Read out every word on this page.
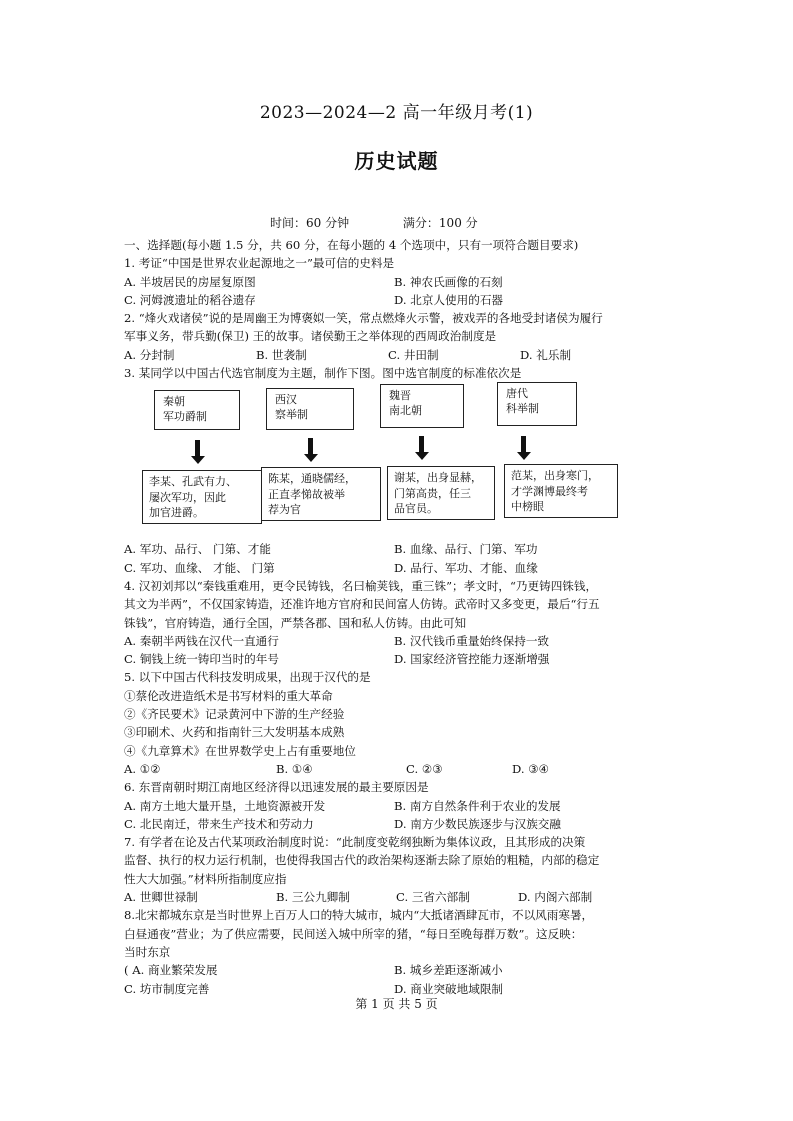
2023—2024—2 高一年级月考(1)
历史试题
时间：60 分钟	满分：100 分
一、选择题(每小题 1.5 分，共 60 分，在每小题的 4 个选项中，只有一项符合题目要求)
1. 考证“中国是世界农业起源地之一”最可信的史料是
A. 半坡居民的房屋复原图	B. 神农氏画像的石刻
C. 河姆渡遗址的稻谷遗存	D. 北京人使用的石器
2. “烽火戏诸侯”说的是周幽王为博褒姒一笑，常点燃烽火示警，被戏弄的各地受封诸侯为履行
军事义务，带兵勤(保卫) 王的故事。诸侯勤王之举体现的西周政治制度是
A. 分封制	B. 世袭制	C. 井田制	D. 礼乐制
3. 某同学以中国古代选官制度为主题，制作下图。图中选官制度的标准依次是
秦朝
军功爵制
西汉
察举制
魏晋
南北朝
唐代
科举制
李某、孔武有力、
屡次军功，因此
加官进爵。
陈某，通晓儒经，
正直孝悌故被举
荐为官
谢某，出身显赫，
门第高贵，任三
品官员。
范某，出身寒门，
才学渊博最终考
中榜眼
A. 军功、品行、 门第、才能	B. 血缘、品行、门第、军功
C. 军功、血缘、 才能、 门第	D. 品行、军功、才能、血缘
4. 汉初刘邦以“秦钱重难用，更令民铸钱，名曰榆荚钱，重三铢”；孝文时，“乃更铸四铢钱，
其文为半两”，不仅国家铸造，还准许地方官府和民间富人仿铸。武帝时又多变更，最后“行五
铢钱”，官府铸造，通行全国，严禁各郡、国和私人仿铸。由此可知
A. 秦朝半两钱在汉代一直通行	B. 汉代钱币重量始终保持一致
C. 铜钱上统一铸印当时的年号	D. 国家经济管控能力逐渐增强
5. 以下中国古代科技发明成果，出现于汉代的是
①蔡伦改进造纸术是书写材料的重大革命
②《齐民要术》记录黄河中下游的生产经验
③印刷术、火药和指南针三大发明基本成熟
④《九章算术》在世界数学史上占有重要地位
A. ①②	B. ①④	C. ②③	D. ③④
6. 东晋南朝时期江南地区经济得以迅速发展的最主要原因是
A. 南方土地大量开垦，土地资源被开发	B. 南方自然条件利于农业的发展
C. 北民南迁，带来生产技术和劳动力	D. 南方少数民族逐步与汉族交融
7. 有学者在论及古代某项政治制度时说：“此制度变乾纲独断为集体议政，且其形成的决策
监督、执行的权力运行机制，也使得我国古代的政治架构逐渐去除了原始的粗糙，内部的稳定
性大大加强。”材料所指制度应指
A. 世卿世禄制	B. 三公九卿制	C. 三省六部制	D. 内阁六部制
8.北宋都城东京是当时世界上百万人口的特大城市，城内“大抵诸酒肆瓦市，不以风雨寒暑，
白昼通夜”营业；为了供应需要，民间送入城中所宰的猪，“每日至晚每群万数”。这反映：
当时东京
( A. 商业繁荣发展	B. 城乡差距逐渐减小
C. 坊市制度完善	D. 商业突破地域限制
第 1 页 共 5 页
